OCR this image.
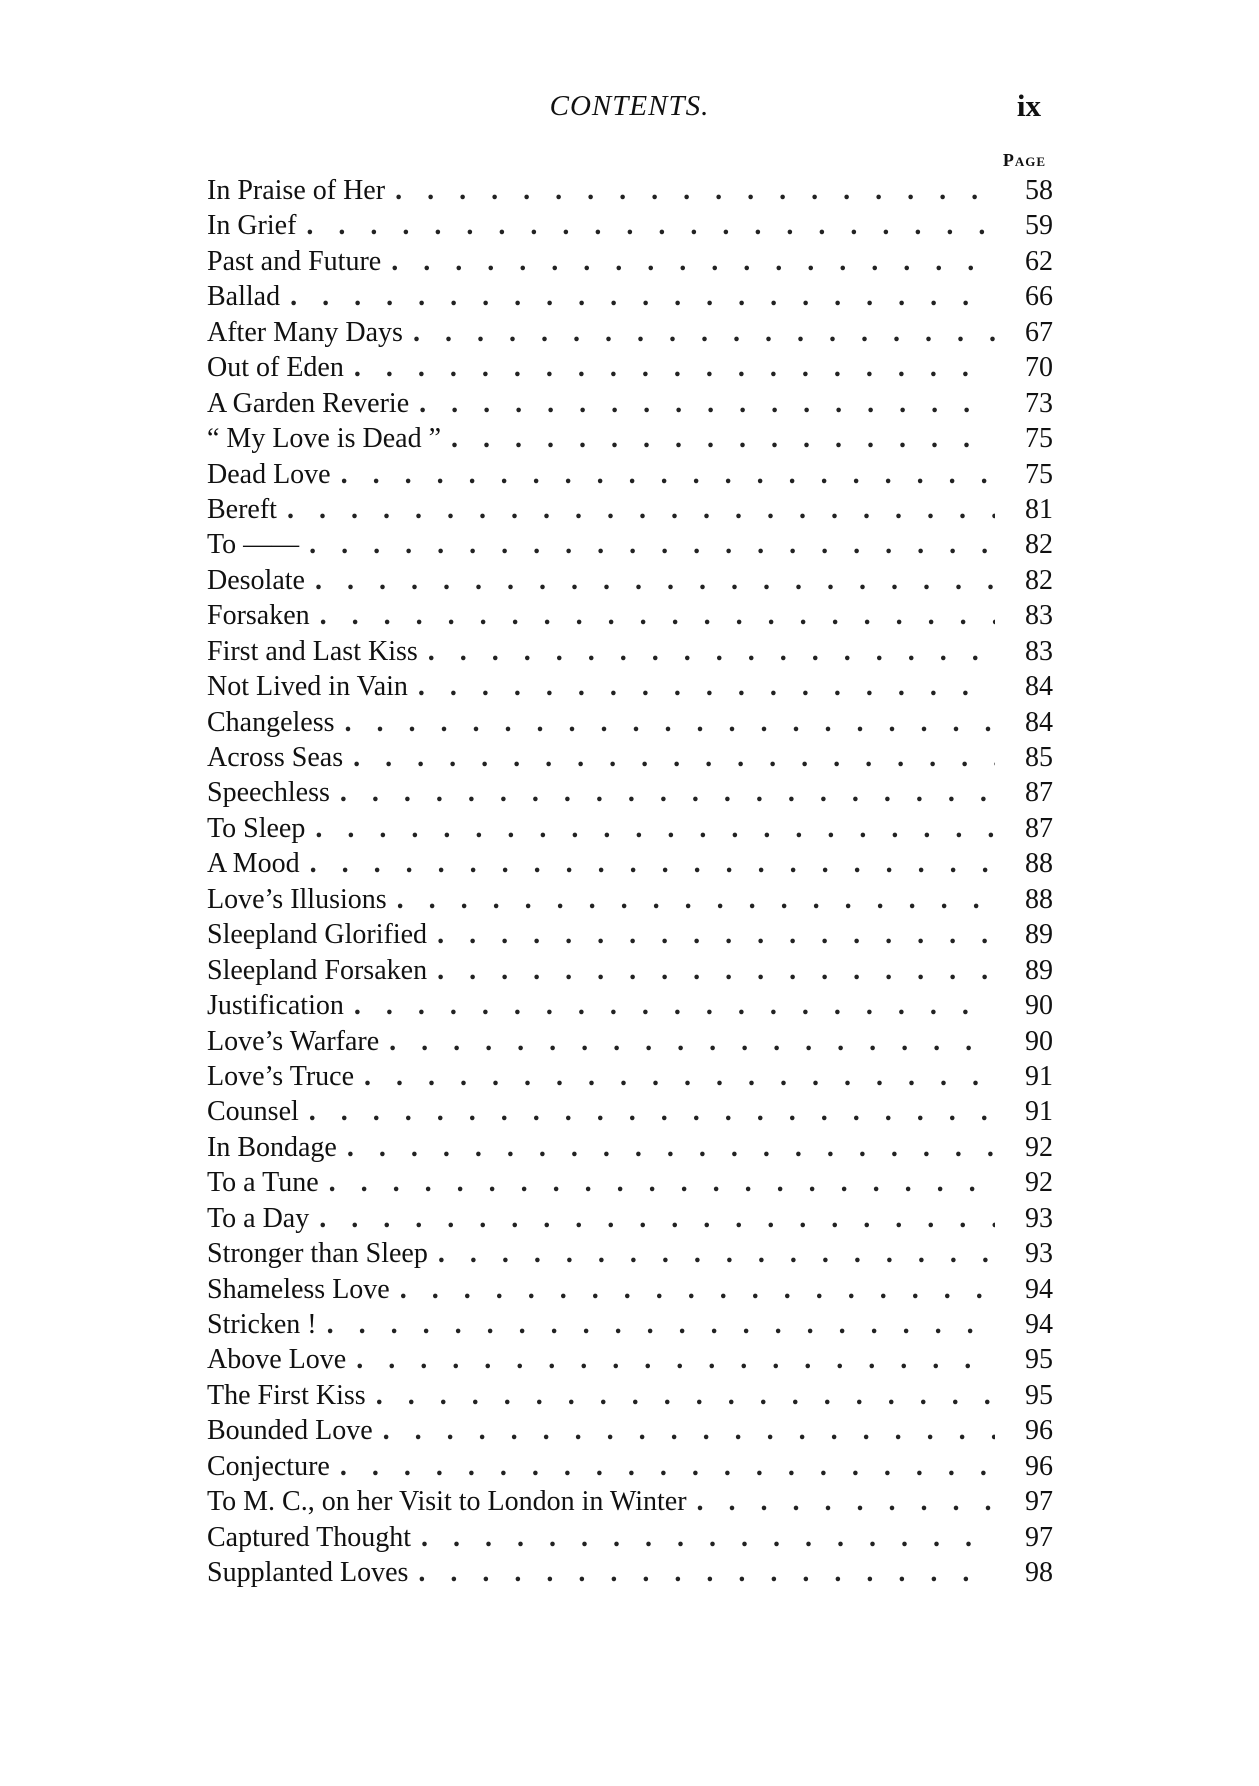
CONTENTS.	ix
Page
In Praise of Her . . .	58
In Grief . . .	59
Past and Future . . .	62
Ballad . . .	66
After Many Days . . .	67
Out of Eden . . .	70
A Garden Reverie . . .	73
“ My Love is Dead ” . . .	75
Dead Love . . .	75
Bereft . . .	81
To —— . . .	82
Desolate . . .	82
Forsaken . . .	83
First and Last Kiss . . .	83
Not Lived in Vain . . .	84
Changeless . . .	84
Across Seas . . .	85
Speechless . . .	87
To Sleep . . .	87
A Mood . . .	88
Love’s Illusions . . .	88
Sleepland Glorified . . .	89
Sleepland Forsaken . . .	89
Justification . . .	90
Love’s Warfare . . .	90
Love’s Truce . . .	91
Counsel . . .	91
In Bondage . . .	92
To a Tune . . .	92
To a Day . . .	93
Stronger than Sleep . . .	93
Shameless Love . . .	94
Stricken ! . . .	94
Above Love . . .	95
The First Kiss . . .	95
Bounded Love . . .	96
Conjecture . . .	96
To M. C., on her Visit to London in Winter . . .	97
Captured Thought . . .	97
Supplanted Loves . . .	98
